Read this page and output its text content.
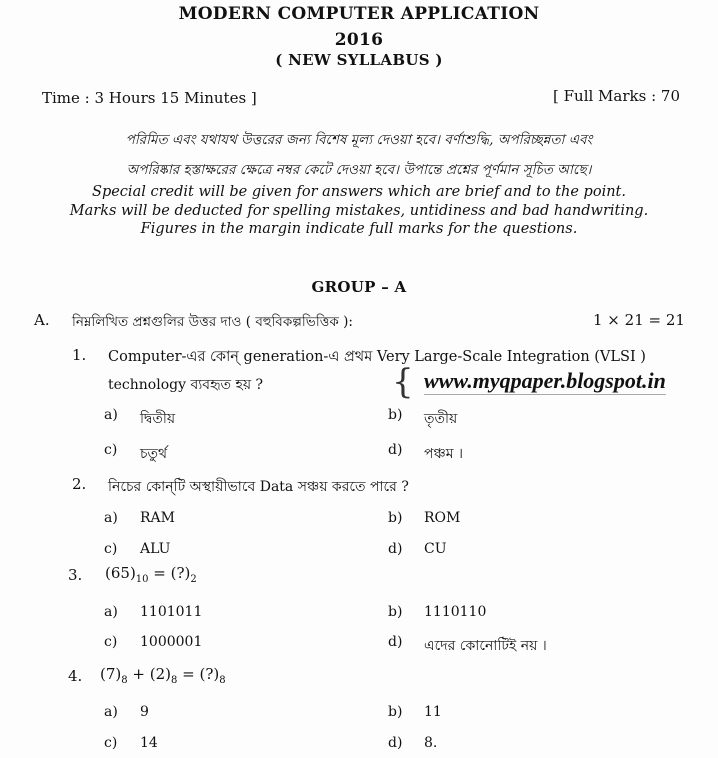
MODERN COMPUTER APPLICATION
2016
( NEW SYLLABUS )
Time : 3 Hours 15 Minutes ]	[ Full Marks : 70
পরিমিত এবং যথাযথ উত্তরের জন্য বিশেষ মূল্য দেওয়া হবে। বর্ণাশুদ্ধি, অপরিচ্ছন্নতা এবং
অপরিষ্কার হস্তাক্ষরের ক্ষেত্রে নম্বর কেটে দেওয়া হবে। উপান্তে প্রশ্নের পূর্ণমান সূচিত আছে।
Special credit will be given for answers which are brief and to the point.
Marks will be deducted for spelling mistakes, untidiness and bad handwriting.
Figures in the margin indicate full marks for the questions.
GROUP – A
A. নিম্নলিখিত প্রশ্নগুলির উত্তর দাও ( বহুবিকল্পভিত্তিক ):	1 × 21 = 21
1. Computer-এর কোন্ generation-এ প্রথম Very Large-Scale Integration (VLSI )
technology ব্যবহৃত হয় ?	{ www.myqpaper.blogspot.in
a) দ্বিতীয়	b) তৃতীয়
c) চতুর্থ	d) পঞ্চম ।
a) RAM	b) ROM
c) ALU	d) CU
a) 1101011	b) 1110110
c) 1000001	d) এদের কোনোটিই নয় ।
a) 9	b) 11
c) 14	d) 8.
2. নিচের কোন্‌টি অস্থায়ীভাবে Data সঞ্চয় করতে পারে ?
3. $(65)_{10}$ = $(?)_2$
4. $(7)_8 + (2)_8$ = $(?)_8$
